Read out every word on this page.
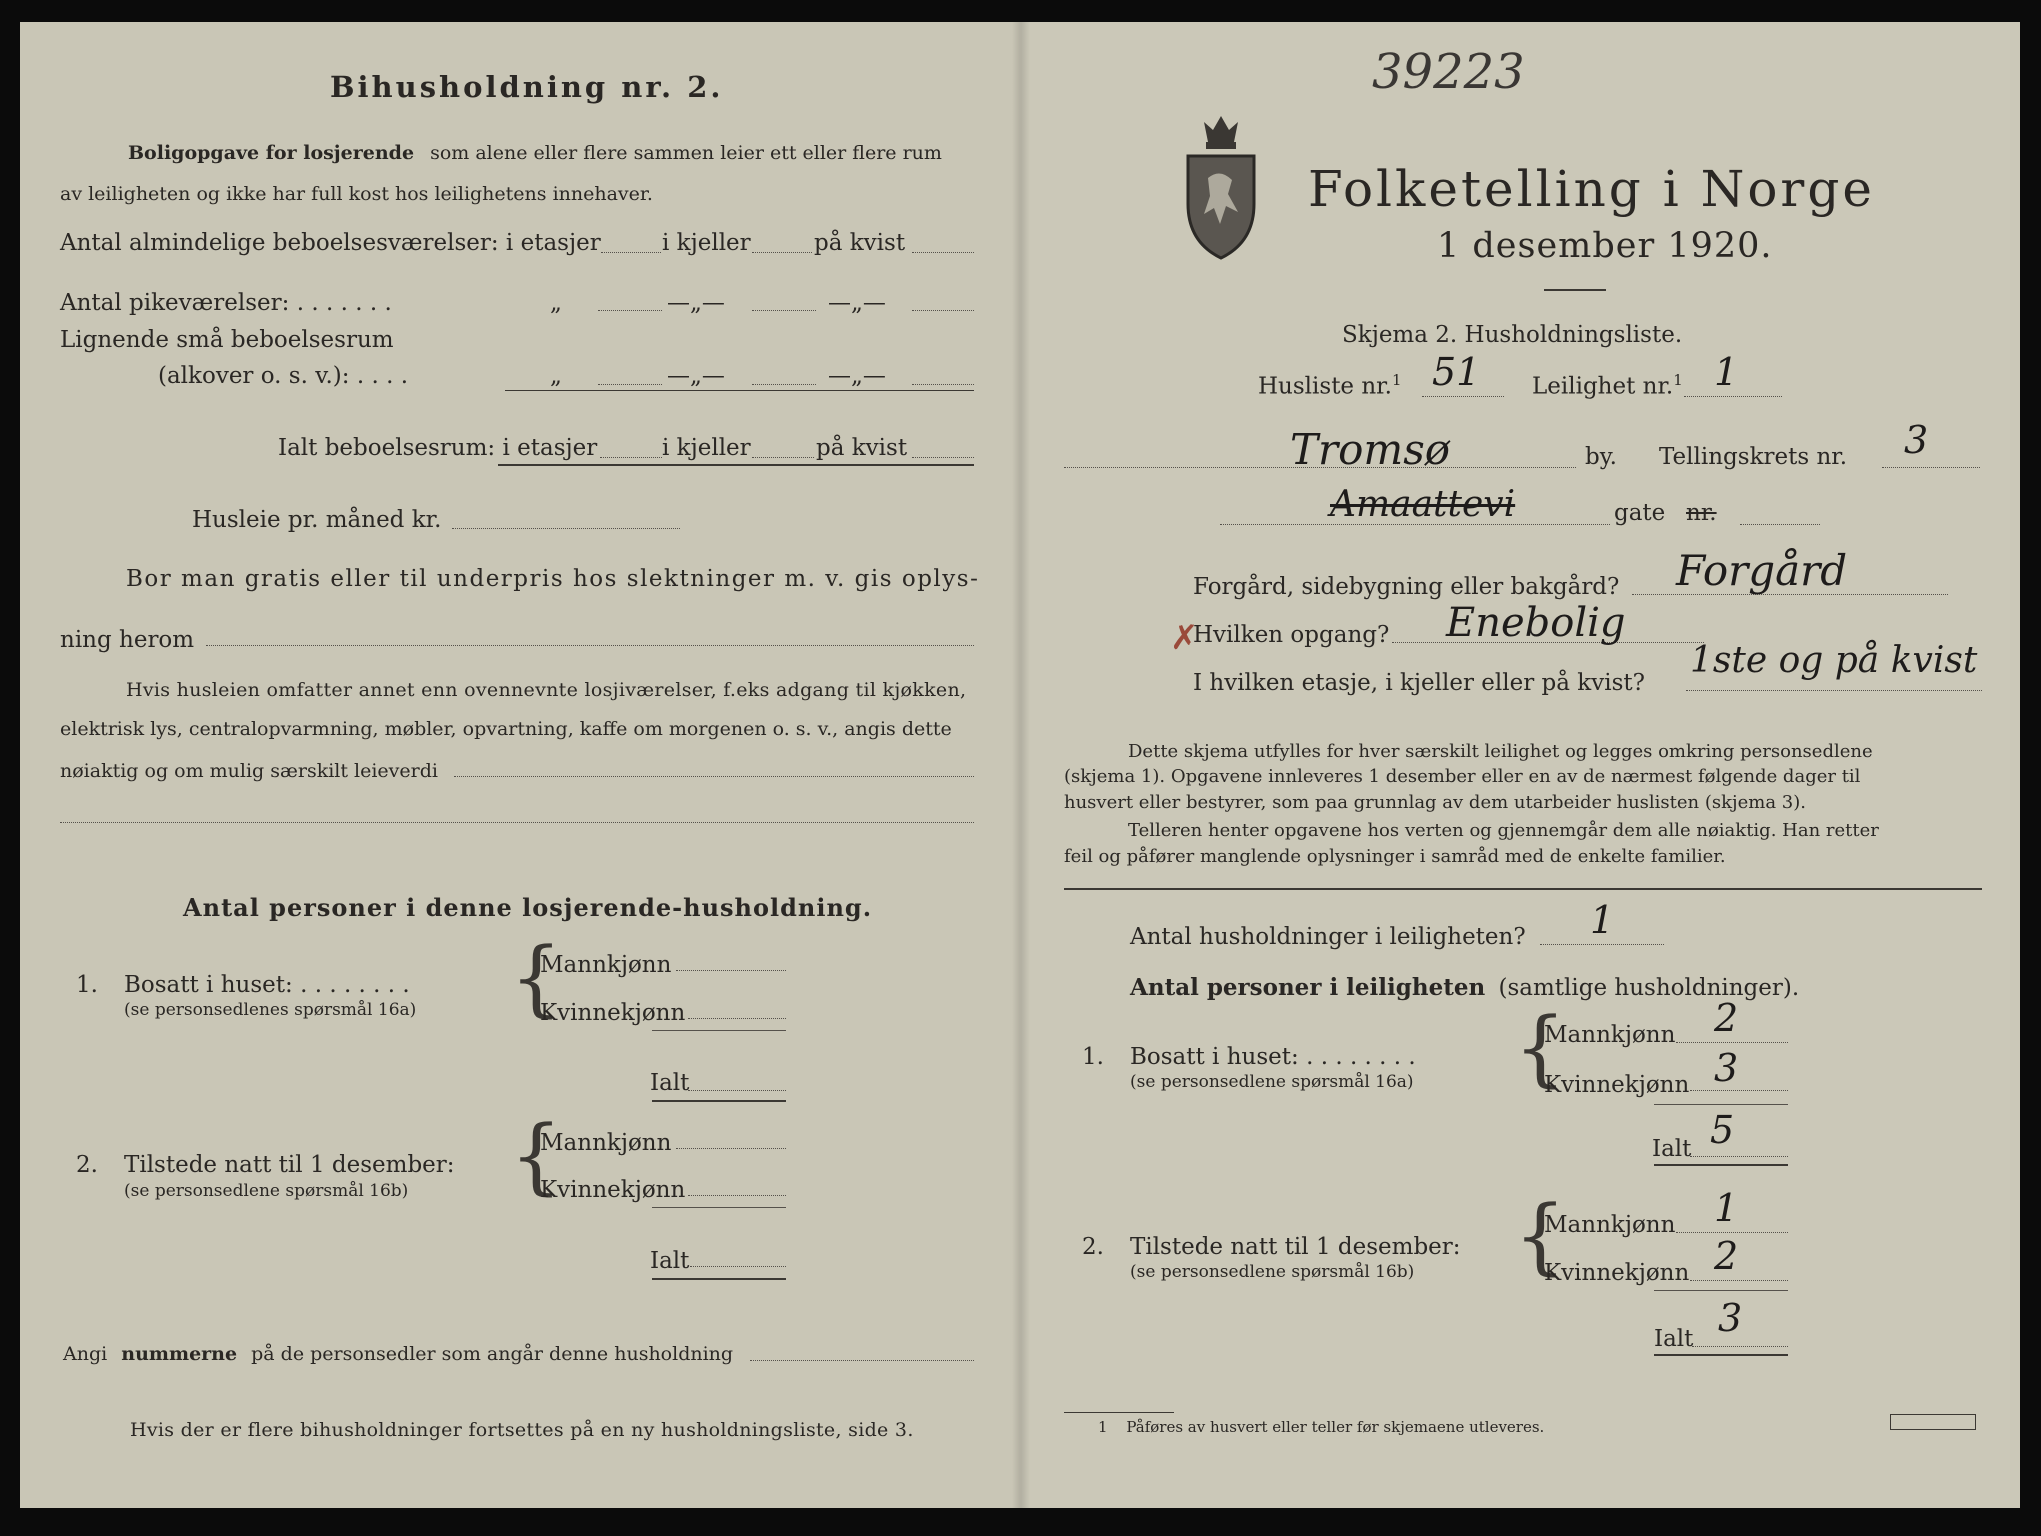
Bihusholdning nr. 2.
Boligopgave for losjerende som alene eller flere sammen leier ett eller flere rum
av leiligheten og ikke har full kost hos leilighetens innehaver.
Antal almindelige beboelsesværelser: i etasjer	i kjeller	på kvist
Antal pikeværelser: . . . . . . .	„	—„—	—„—
Lignende små beboelsesrum
(alkover o. s. v.): . . . .	„	—„—	—„—
Ialt beboelsesrum: i etasjer	i kjeller	på kvist
Husleie pr. måned kr.
Bor man gratis eller til underpris hos slektninger m. v. gis oplys-
ning herom
Hvis husleien omfatter annet enn ovennevnte losjiværelser, f.eks adgang til kjøkken,
elektrisk lys, centralopvarmning, møbler, opvartning, kaffe om morgenen o. s. v., angis dette
nøiaktig og om mulig særskilt leieverdi
Antal personer i denne losjerende-husholdning.
1. Bosatt i huset: . . . . . . . .
(se personsedlenes spørsmål 16a) {
Mannkjønn
Kvinnekjønn
Ialt
2. Tilstede natt til 1 desember:
(se personsedlene spørsmål 16b) {
Mannkjønn
Kvinnekjønn
Ialt
Angi nummerne på de personsedler som angår denne husholdning
Hvis der er flere bihusholdninger fortsettes på en ny husholdningsliste, side 3.
39223
Folketelling i Norge
1 desember 1920.
Skjema 2. Husholdningsliste.
Husliste nr.$^1$ 51 Leilighet nr.$^1$ 1
Tromsø	by. Tellingskrets nr. 3
Amaattevi	gate nr.
Forgård, sidebygning eller bakgård? Forgård
✗
Hvilken opgang? Enebolig
I hvilken etasje, i kjeller eller på kvist?
1ste og på kvist
Dette skjema utfylles for hver særskilt leilighet og legges omkring personsedlene
(skjema 1). Opgavene innleveres 1 desember eller en av de nærmest følgende dager til
husvert eller bestyrer, som paa grunnlag av dem utarbeider huslisten (skjema 3).
Telleren henter opgavene hos verten og gjennemgår dem alle nøiaktig. Han retter
feil og påfører manglende oplysninger i samråd med de enkelte familier.
Antal husholdninger i leiligheten? 1
Antal personer i leiligheten (samtlige husholdninger).
1. Bosatt i huset: . . . . . . . .
(se personsedlene spørsmål 16a) {
Mannkjønn 2
Kvinnekjønn 3
Ialt 5
2. Tilstede natt til 1 desember:
(se personsedlene spørsmål 16b) {
Mannkjønn 1
Kvinnekjønn 2
Ialt 3
1 Påføres av husvert eller teller før skjemaene utleveres.
